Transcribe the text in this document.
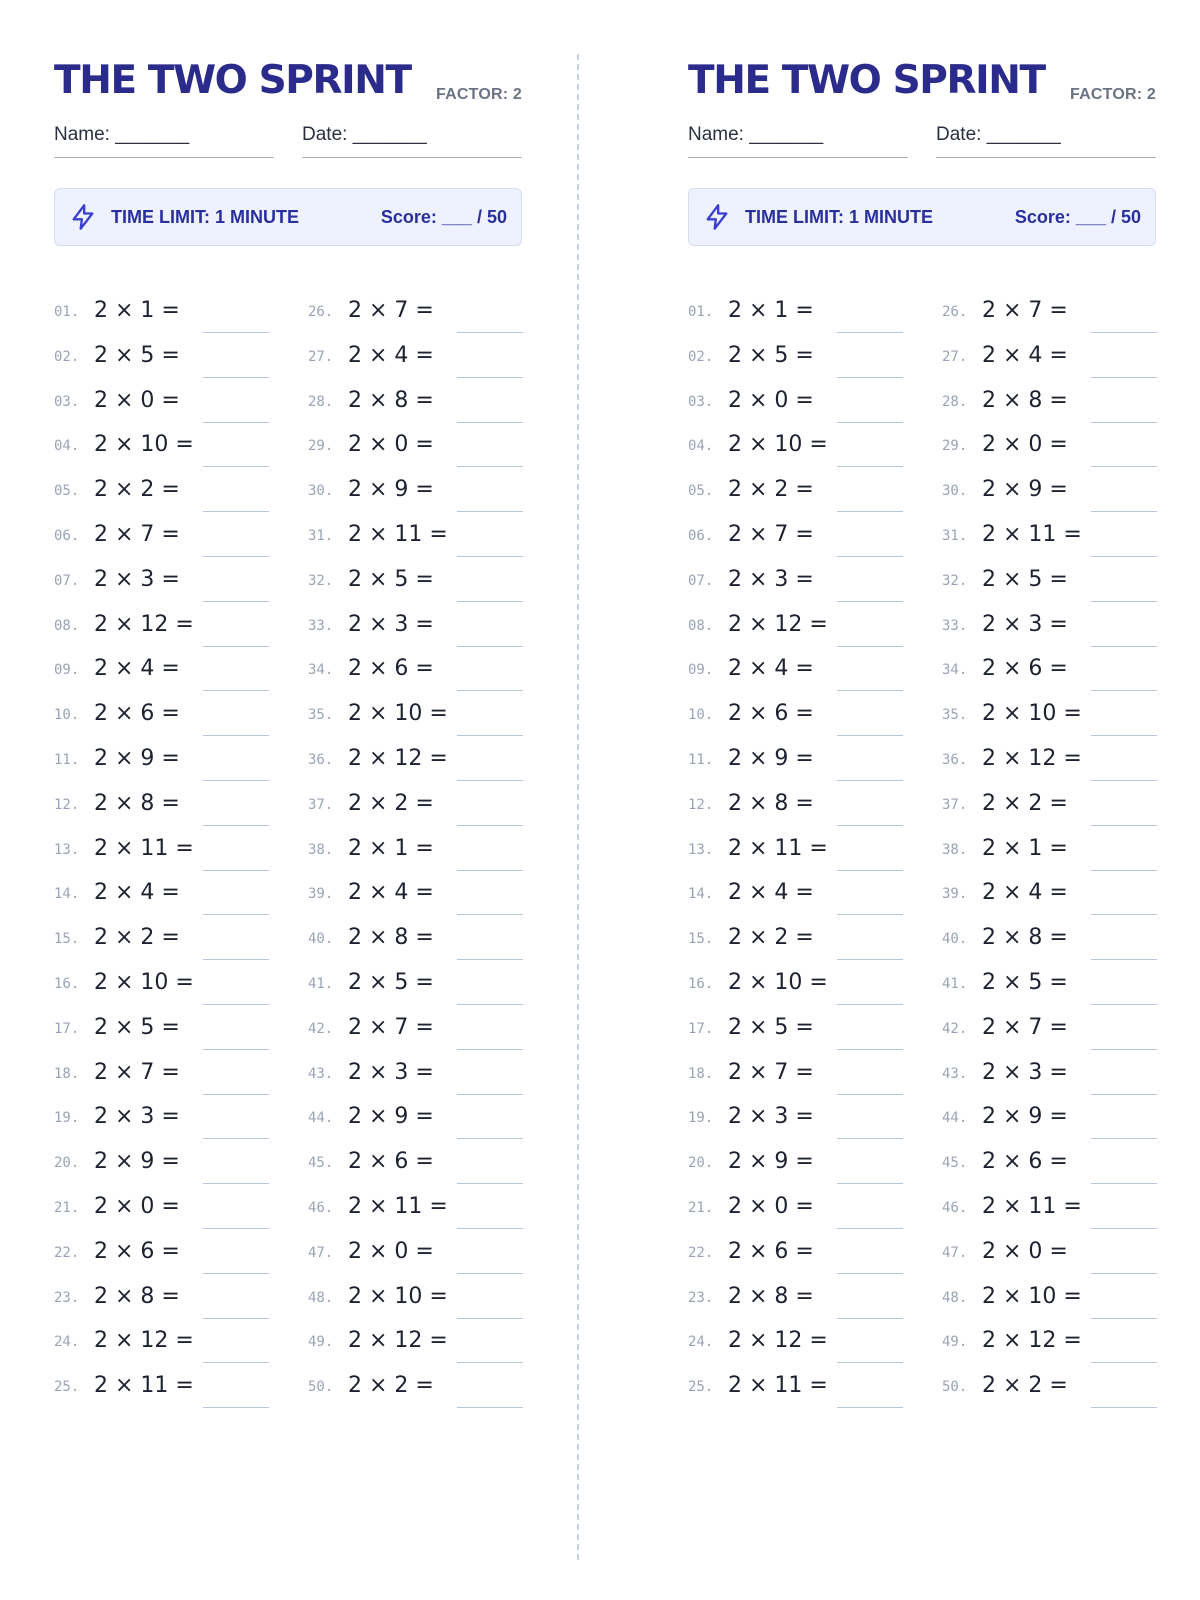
THE TWO SPRINT FACTOR: 2
Name: _______	Date: _______
TIME LIMIT: 1 MINUTE	Score: ___ / 50
01. 2 × 1 =
02. 2 × 5 =
03. 2 × 0 =
04. 2 × 10 =
05. 2 × 2 =
06. 2 × 7 =
07. 2 × 3 =
08. 2 × 12 =
09. 2 × 4 =
10. 2 × 6 =
11. 2 × 9 =
12. 2 × 8 =
13. 2 × 11 =
14. 2 × 4 =
15. 2 × 2 =
16. 2 × 10 =
17. 2 × 5 =
18. 2 × 7 =
19. 2 × 3 =
20. 2 × 9 =
21. 2 × 0 =
22. 2 × 6 =
23. 2 × 8 =
24. 2 × 12 =
25. 2 × 11 =
26. 2 × 7 =
27. 2 × 4 =
28. 2 × 8 =
29. 2 × 0 =
30. 2 × 9 =
31. 2 × 11 =
32. 2 × 5 =
33. 2 × 3 =
34. 2 × 6 =
35. 2 × 10 =
36. 2 × 12 =
37. 2 × 2 =
38. 2 × 1 =
39. 2 × 4 =
40. 2 × 8 =
41. 2 × 5 =
42. 2 × 7 =
43. 2 × 3 =
44. 2 × 9 =
45. 2 × 6 =
46. 2 × 11 =
47. 2 × 0 =
48. 2 × 10 =
49. 2 × 12 =
50. 2 × 2 =
THE TWO SPRINT FACTOR: 2
Name: _______	Date: _______
TIME LIMIT: 1 MINUTE	Score: ___ / 50
01. 2 × 1 =
02. 2 × 5 =
03. 2 × 0 =
04. 2 × 10 =
05. 2 × 2 =
06. 2 × 7 =
07. 2 × 3 =
08. 2 × 12 =
09. 2 × 4 =
10. 2 × 6 =
11. 2 × 9 =
12. 2 × 8 =
13. 2 × 11 =
14. 2 × 4 =
15. 2 × 2 =
16. 2 × 10 =
17. 2 × 5 =
18. 2 × 7 =
19. 2 × 3 =
20. 2 × 9 =
21. 2 × 0 =
22. 2 × 6 =
23. 2 × 8 =
24. 2 × 12 =
25. 2 × 11 =
26. 2 × 7 =
27. 2 × 4 =
28. 2 × 8 =
29. 2 × 0 =
30. 2 × 9 =
31. 2 × 11 =
32. 2 × 5 =
33. 2 × 3 =
34. 2 × 6 =
35. 2 × 10 =
36. 2 × 12 =
37. 2 × 2 =
38. 2 × 1 =
39. 2 × 4 =
40. 2 × 8 =
41. 2 × 5 =
42. 2 × 7 =
43. 2 × 3 =
44. 2 × 9 =
45. 2 × 6 =
46. 2 × 11 =
47. 2 × 0 =
48. 2 × 10 =
49. 2 × 12 =
50. 2 × 2 =
